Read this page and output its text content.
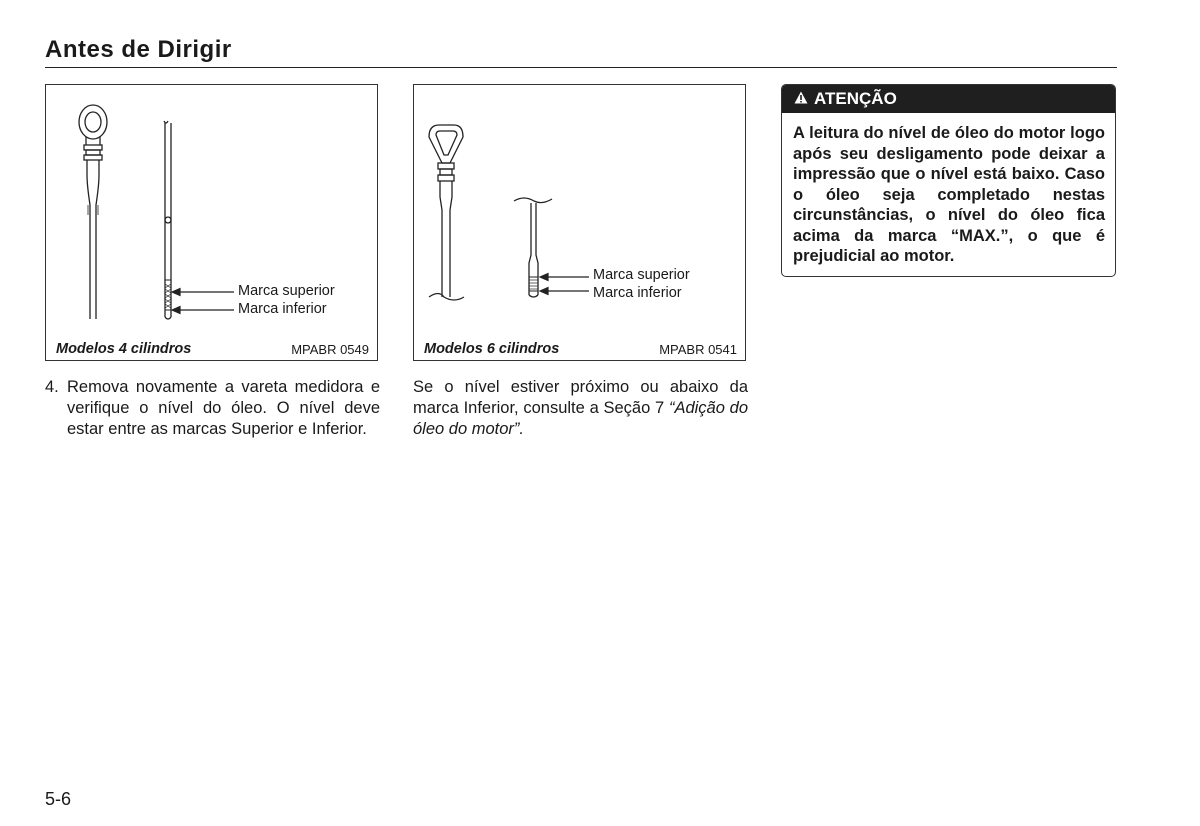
Antes de Dirigir
Marca superior
Marca inferior
Modelos 4 cilindros	MPABR 0549
Marca superior
Marca inferior
Modelos 6 cilindros	MPABR 0541
4. Remova novamente a vareta medidora e verifique o nível do óleo. O nível deve estar entre as marcas Superior e Inferior.
Se o nível estiver próximo ou abaixo da marca Inferior, consulte a Seção 7 “Adição do óleo do motor”.
ATENÇÃO
A leitura do nível de óleo do motor logo após seu desligamento pode deixar a impressão que o nível está baixo. Caso o óleo seja completado nestas circunstâncias, o nível do óleo fica acima da marca “MAX.”, o que é prejudicial ao motor.
5-6
